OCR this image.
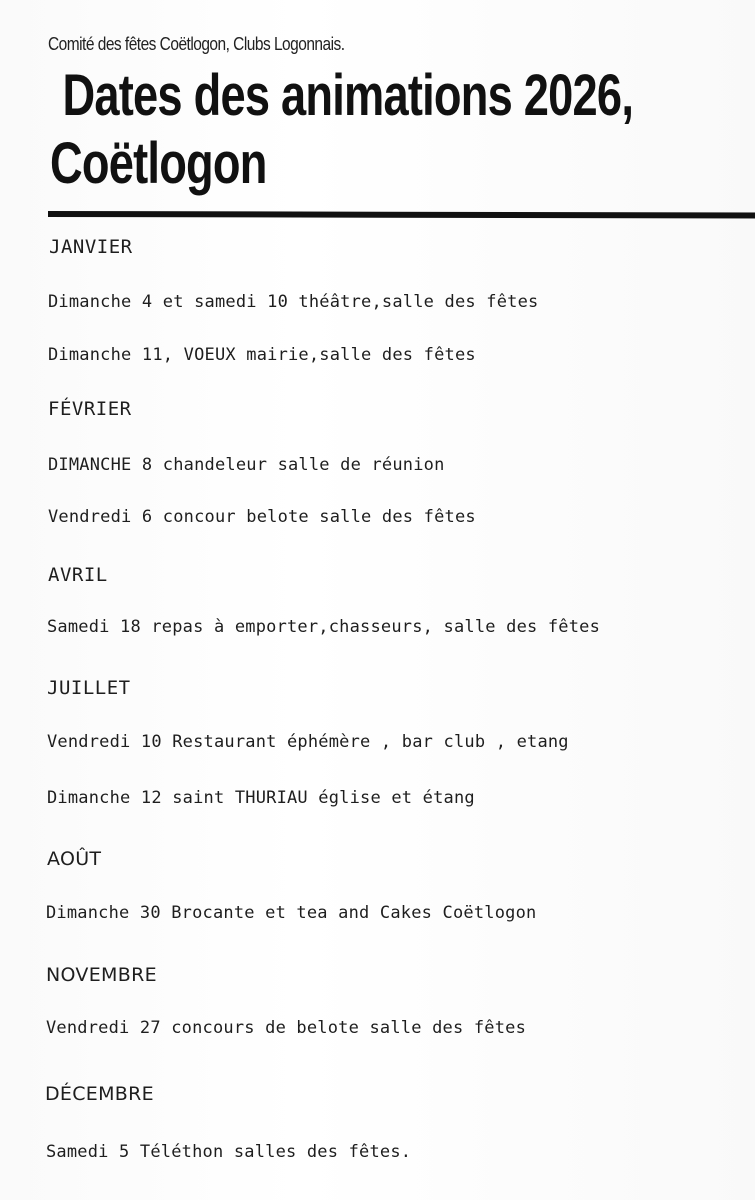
Comité des fêtes Coëtlogon, Clubs Logonnais.
Dates des animations 2026,
Coëtlogon
JANVIER
Dimanche 4 et samedi 10 théâtre,salle des fêtes
Dimanche 11, VOEUX mairie,salle des fêtes
FÉVRIER
DIMANCHE 8 chandeleur salle de réunion
Vendredi 6 concour belote salle des fêtes
AVRIL
Samedi 18 repas à emporter,chasseurs, salle des fêtes
JUILLET
Vendredi 10 Restaurant éphémère , bar club , etang
Dimanche 12 saint THURIAU église et étang
AOÛT
Dimanche 30 Brocante et tea and Cakes Coëtlogon
NOVEMBRE
Vendredi 27 concours de belote salle des fêtes
DÉCEMBRE
Samedi 5 Téléthon salles des fêtes.
